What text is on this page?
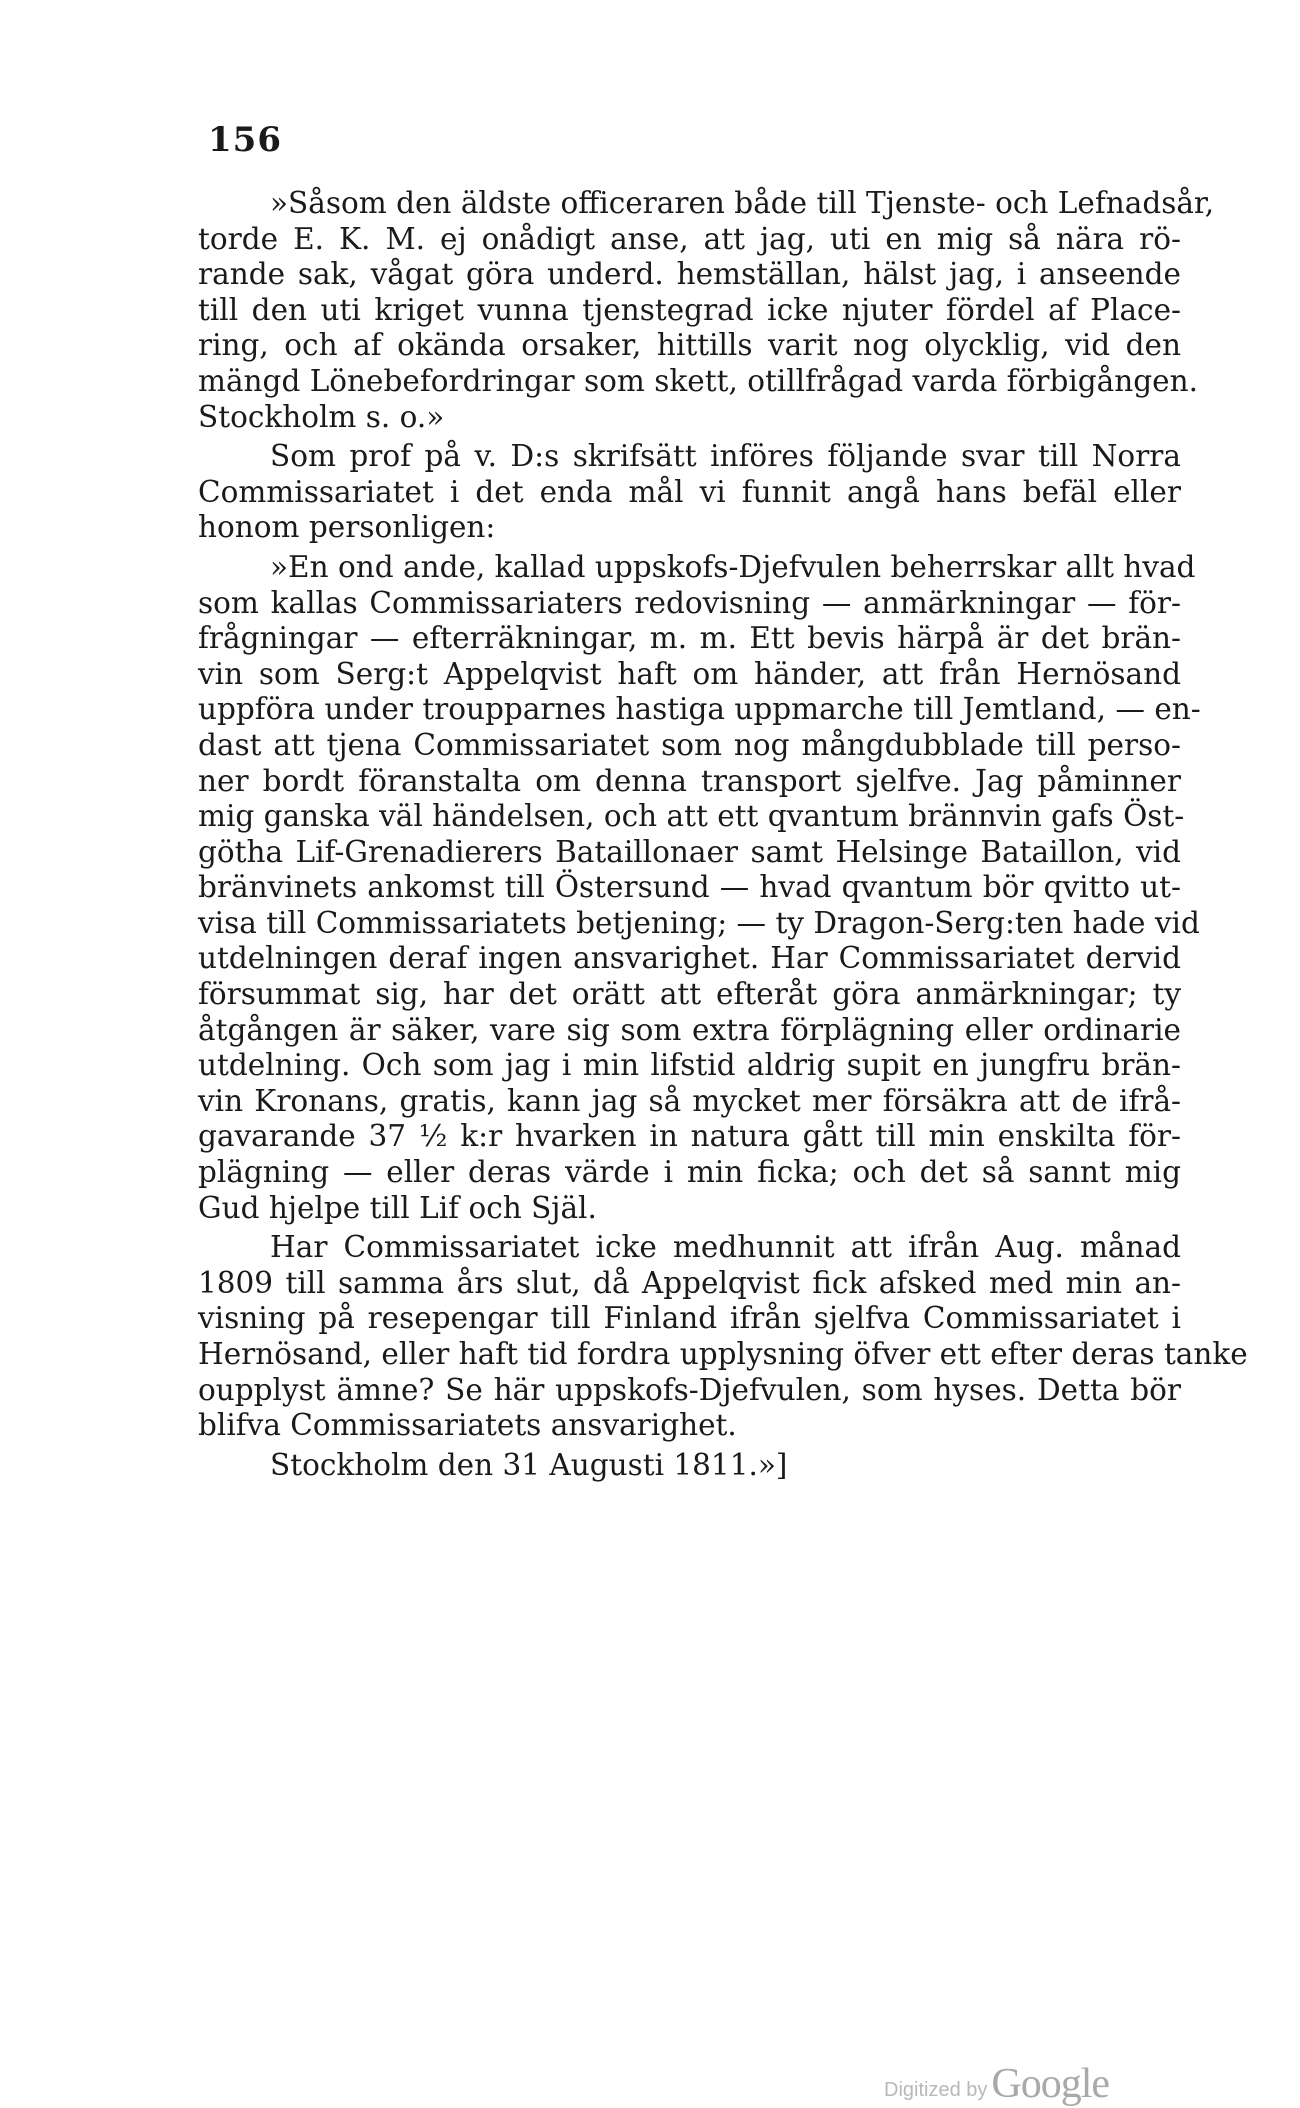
156
»Såsom den äldste officeraren både till Tjenste- och Lefnadsår,
torde E. K. M. ej onådigt anse, att jag, uti en mig så nära rö-
rande sak, vågat göra underd. hemställan, hälst jag, i anseende
till den uti kriget vunna tjenstegrad icke njuter fördel af Place-
ring, och af okända orsaker, hittills varit nog olycklig, vid den
mängd Lönebefordringar som skett, otillfrågad varda förbigången.
Stockholm s. o.»
Som prof på v. D:s skrifsätt införes följande svar till Norra
Commissariatet i det enda mål vi funnit angå hans befäl eller
honom personligen:
»En ond ande, kallad uppskofs-Djefvulen beherrskar allt hvad
som kallas Commissariaters redovisning — anmärkningar — för-
frågningar — efterräkningar, m. m. Ett bevis härpå är det brän-
vin som Serg:t Appelqvist haft om händer, att från Hernösand
uppföra under troupparnes hastiga uppmarche till Jemtland, — en-
dast att tjena Commissariatet som nog mångdubblade till perso-
ner bordt föranstalta om denna transport sjelfve. Jag påminner
mig ganska väl händelsen, och att ett qvantum brännvin gafs Öst-
götha Lif-Grenadierers Bataillonaer samt Helsinge Bataillon, vid
bränvinets ankomst till Östersund — hvad qvantum bör qvitto ut-
visa till Commissariatets betjening; — ty Dragon-Serg:ten hade vid
utdelningen deraf ingen ansvarighet. Har Commissariatet dervid
försummat sig, har det orätt att efteråt göra anmärkningar; ty
åtgången är säker, vare sig som extra förplägning eller ordinarie
utdelning. Och som jag i min lifstid aldrig supit en jungfru brän-
vin Kronans, gratis, kann jag så mycket mer försäkra att de ifrå-
gavarande 37 ½ k:r hvarken in natura gått till min enskilta för-
plägning — eller deras värde i min ficka; och det så sannt mig
Gud hjelpe till Lif och Själ.
Har Commissariatet icke medhunnit att ifrån Aug. månad
1809 till samma års slut, då Appelqvist fick afsked med min an-
visning på resepengar till Finland ifrån sjelfva Commissariatet i
Hernösand, eller haft tid fordra upplysning öfver ett efter deras tanke
oupplyst ämne? Se här uppskofs-Djefvulen, som hyses. Detta bör
blifva Commissariatets ansvarighet.
Stockholm den 31 Augusti 1811.»]
Digitized by Google
